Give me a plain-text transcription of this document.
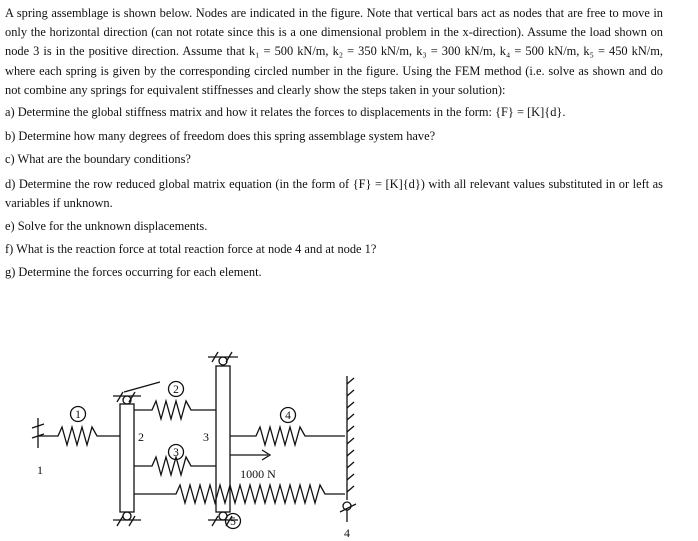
A spring assemblage is shown below. Nodes are indicated in the figure. Note that vertical bars act as nodes that are free to move in only the horizontal direction (can not rotate since this is a one dimensional problem in the x-direction). Assume the load shown on node 3 is in the positive direction. Assume that k₁ = 500 kN/m, k₂ = 350 kN/m, k₃ = 300 kN/m, k₄ = 500 kN/m, k₅ = 450 kN/m, where each spring is given by the corresponding circled number in the figure. Using the FEM method (i.e. solve as shown and do not combine any springs for equivalent stiffnesses and clearly show the steps taken in your solution):

a) Determine the global stiffness matrix and how it relates the forces to displacements in the form: {F} = [K]{d}.

b) Determine how many degrees of freedom does this spring assemblage system have?

c) What are the boundary conditions?

d) Determine the row reduced global matrix equation (in the form of {F} = [K]{d}) with all relevant values substituted in or left as variables if unknown.

e) Solve for the unknown displacements.

f) What is the reaction force at total reaction force at node 4 and at node 1?

g) Determine the forces occurring for each element.

1
2
3
4
5
1
2	3
4
1000 N
